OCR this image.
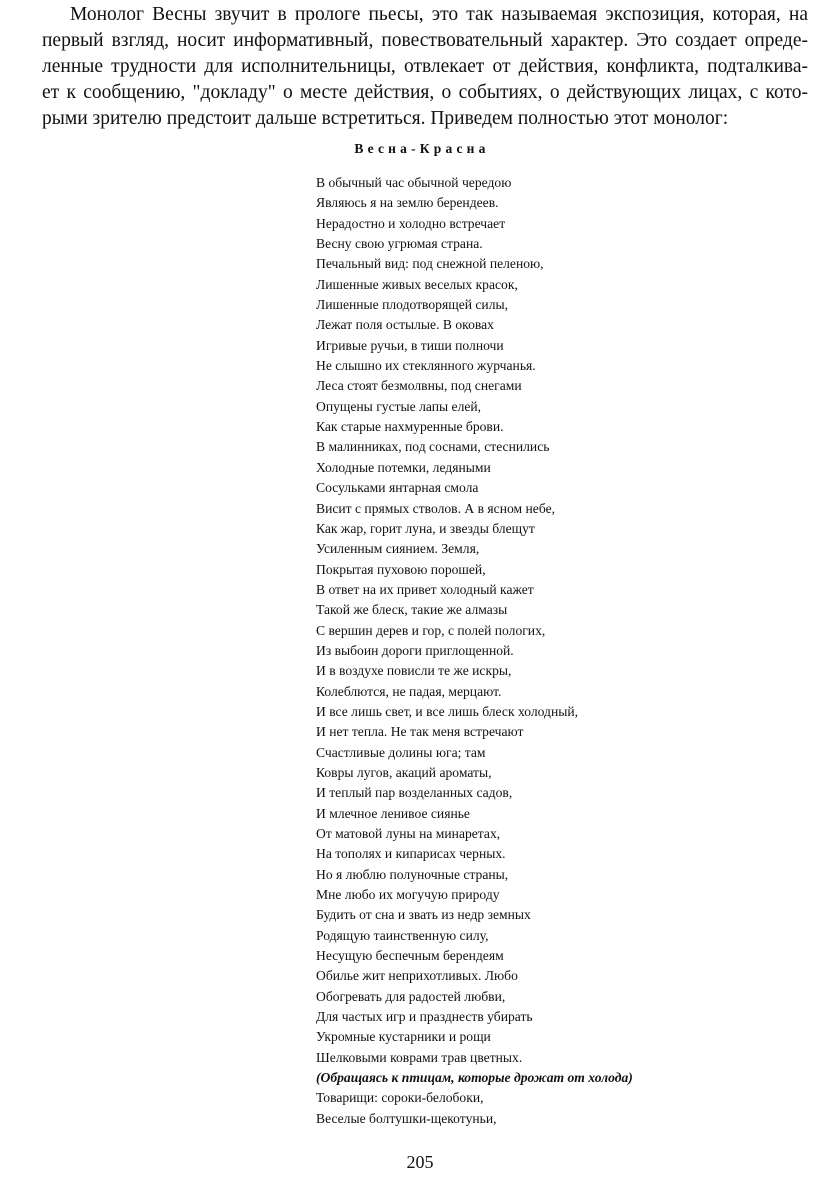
Монолог Весны звучит в прологе пьесы, это так называемая экспозиция, которая, на
первый взгляд, носит информативный, повествовательный характер. Это создает опреде-
ленные трудности для исполнительницы, отвлекает от действия, конфликта, подталкива-
ет к сообщению, "докладу" о месте действия, о событиях, о действующих лицах, с кото-
рыми зрителю предстоит дальше встретиться. Приведем полностью этот монолог:
Весна-Красна
В обычный час обычной чередою
Являюсь я на землю берендеев.
Нерадостно и холодно встречает
Весну свою угрюмая страна.
Печальный вид: под снежной пеленою,
Лишенные живых веселых красок,
Лишенные плодотворящей силы,
Лежат поля остылые. В оковах
Игривые ручьи, в тиши полночи
Не слышно их стеклянного журчанья.
Леса стоят безмолвны, под снегами
Опущены густые лапы елей,
Как старые нахмуренные брови.
В малинниках, под соснами, стеснились
Холодные потемки, ледяными
Сосульками янтарная смола
Висит с прямых стволов. А в ясном небе,
Как жар, горит луна, и звезды блещут
Усиленным сиянием. Земля,
Покрытая пуховою порошей,
В ответ на их привет холодный кажет
Такой же блеск, такие же алмазы
С вершин дерев и гор, с полей пологих,
Из выбоин дороги приглощенной.
И в воздухе повисли те же искры,
Колеблются, не падая, мерцают.
И все лишь свет, и все лишь блеск холодный,
И нет тепла. Не так меня встречают
Счастливые долины юга; там
Ковры лугов, акаций ароматы,
И теплый пар возделанных садов,
И млечное ленивое сиянье
От матовой луны на минаретах,
На тополях и кипарисах черных.
Но я люблю полуночные страны,
Мне любо их могучую природу
Будить от сна и звать из недр земных
Родящую таинственную силу,
Несущую беспечным берендеям
Обилье жит неприхотливых. Любо
Обогревать для радостей любви,
Для частых игр и празднеств убирать
Укромные кустарники и рощи
Шелковыми коврами трав цветных.
(Обращаясь к птицам, которые дрожат от холода)
Товарищи: сороки-белобоки,
Веселые болтушки-щекотуньи,
205
